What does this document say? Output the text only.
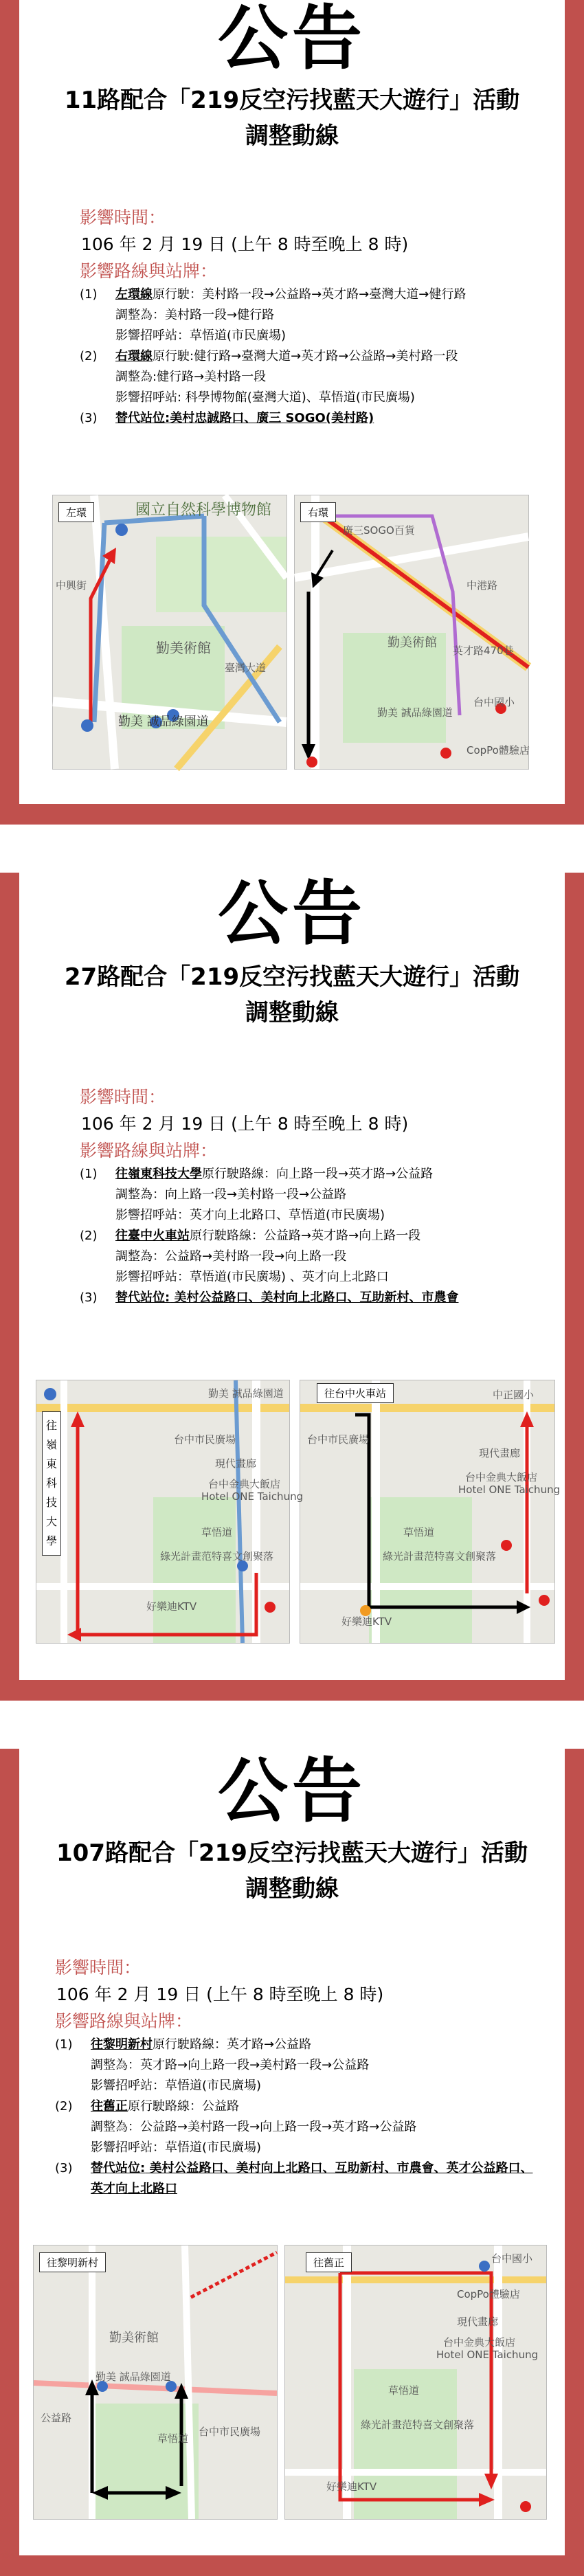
公告
11路配合「219反空污找藍天大遊行」活動
調整動線
影響時間：
106 年 2 月 19 日 (上午 8 時至晚上 8 時)
影響路線與站牌：
(1) 左環線原行駛：美村路一段→公益路→英才路→臺灣大道→健行路
調整為：美村路一段→健行路
影響招呼站：草悟道(市民廣場)
(2) 右環線原行駛:健行路→臺灣大道→英才路→公益路→美村路一段
調整為:健行路→美村路一段
影響招呼站: 科學博物館(臺灣大道)、草悟道(市民廣場)
(3) 替代站位:美村忠誠路口、廣三 SOGO(美村路)
左環	國立自然科學博物館
勤美術館
勤美 誠品綠園道
中興街
臺灣大道
右環
廣三SOGO百貨
勤美術館
勤美 誠品綠園道
CopPo體驗店
台中國小
英才路470巷
中港路
公告
27路配合「219反空污找藍天大遊行」活動
調整動線
影響時間：
106 年 2 月 19 日 (上午 8 時至晚上 8 時)
影響路線與站牌：
(1) 往嶺東科技大學原行駛路線：向上路一段→英才路→公益路
調整為：向上路一段→美村路一段→公益路
影響招呼站：英才向上北路口、草悟道(市民廣場)
(2) 往臺中火車站原行駛路線：公益路→英才路→向上路一段
調整為：公益路→美村路一段→向上路一段
影響招呼站：草悟道(市民廣場) 、英才向上北路口
(3) 替代站位: 美村公益路口、美村向上北路口、互助新村、市農會
往嶺東科技大學
台中市民廣場
現代畫廊
台中金典大飯店
Hotel ONE Taichung
草悟道
綠光計畫范特喜文創聚落
好樂迪KTV
勤美 誠品綠園道	往台中火車站
台中市民廣場
現代畫廊
台中金典大飯店
Hotel ONE Taichung
草悟道
綠光計畫范特喜文創聚落
好樂迪KTV
中正國小
公告
107路配合「219反空污找藍天大遊行」活動
調整動線
影響時間：
106 年 2 月 19 日 (上午 8 時至晚上 8 時)
影響路線與站牌：
(1) 往黎明新村原行駛路線：英才路→公益路
調整為：英才路→向上路一段→美村路一段→公益路
影響招呼站：草悟道(市民廣場)
(2) 往舊正原行駛路線：公益路
調整為：公益路→美村路一段→向上路一段→英才路→公益路
影響招呼站：草悟道(市民廣場)
(3) 替代站位: 美村公益路口、美村向上北路口、互助新村、市農會、英才公益路口、英才向上北路口
往黎明新村
勤美術館
勤美 誠品綠園道
公益路
草悟道
台中市民廣場
往舊正	台中國小
CopPo體驗店
現代畫廊
台中金典大飯店
Hotel ONE Taichung
草悟道
綠光計畫范特喜文創聚落
好樂迪KTV
